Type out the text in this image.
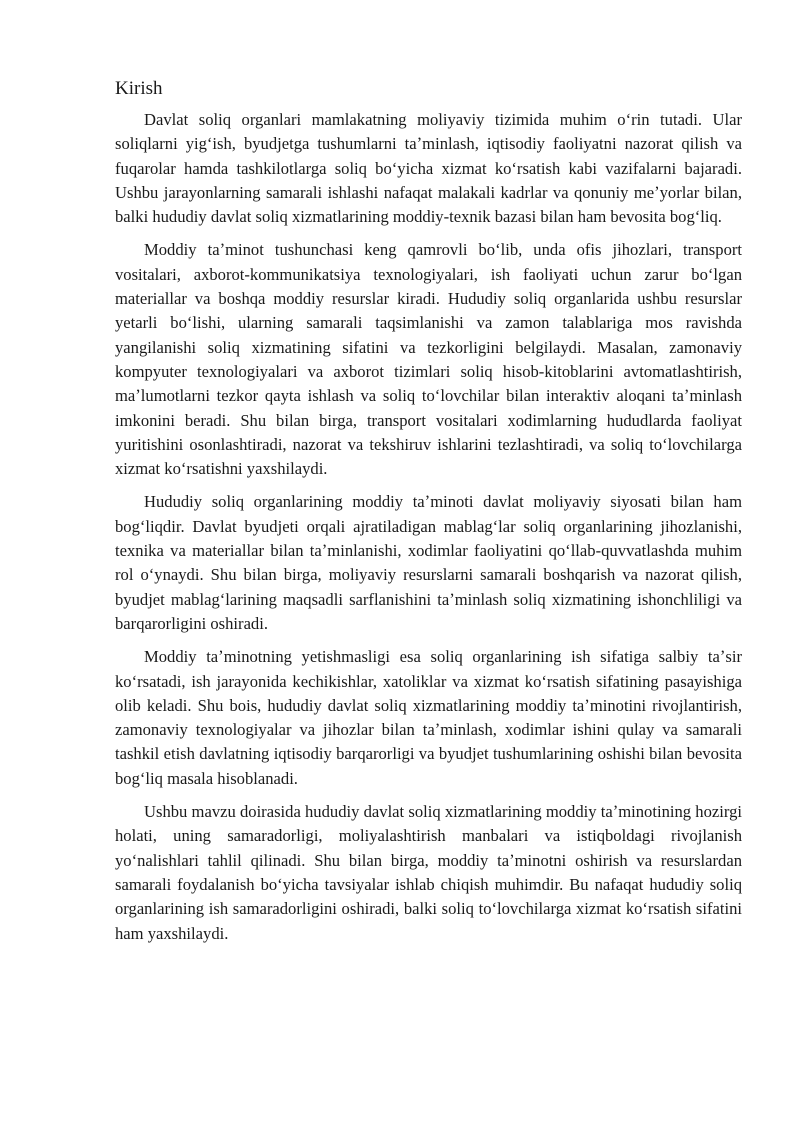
Kirish

Davlat soliq organlari mamlakatning moliyaviy tizimida muhim oʻrin tutadi. Ular soliqlarni yigʻish, byudjetga tushumlarni taʼminlash, iqtisodiy faoliyatni nazorat qilish va fuqarolar hamda tashkilotlarga soliq boʻyicha xizmat koʻrsatish kabi vazifalarni bajaradi. Ushbu jarayonlarning samarali ishlashi nafaqat malakali kadrlar va qonuniy meʼyorlar bilan, balki hududiy davlat soliq xizmatlarining moddiy-texnik bazasi bilan ham bevosita bogʻliq.

Moddiy taʼminot tushunchasi keng qamrovli boʻlib, unda ofis jihozlari, transport vositalari, axborot-kommunikatsiya texnologiyalari, ish faoliyati uchun zarur boʻlgan materiallar va boshqa moddiy resurslar kiradi. Hududiy soliq organlarida ushbu resurslar yetarli boʻlishi, ularning samarali taqsimlanishi va zamon talablariga mos ravishda yangilanishi soliq xizmatining sifatini va tezkorligini belgilaydi. Masalan, zamonaviy kompyuter texnologiyalari va axborot tizimlari soliq hisob-kitoblarini avtomatlashtirish, maʼlumotlarni tezkor qayta ishlash va soliq toʻlovchilar bilan interaktiv aloqani taʼminlash imkonini beradi. Shu bilan birga, transport vositalari xodimlarning hududlarda faoliyat yuritishini osonlashtiradi, nazorat va tekshiruv ishlarini tezlashtiradi, va soliq toʻlovchilarga xizmat koʻrsatishni yaxshilaydi.

Hududiy soliq organlarining moddiy taʼminoti davlat moliyaviy siyosati bilan ham bogʻliqdir. Davlat byudjeti orqali ajratiladigan mablagʻlar soliq organlarining jihozlanishi, texnika va materiallar bilan taʼminlanishi, xodimlar faoliyatini qoʻllab-quvvatlashda muhim rol oʻynaydi. Shu bilan birga, moliyaviy resurslarni samarali boshqarish va nazorat qilish, byudjet mablagʻlarining maqsadli sarflanishini taʼminlash soliq xizmatining ishonchliligi va barqarorligini oshiradi.

Moddiy taʼminotning yetishmasligi esa soliq organlarining ish sifatiga salbiy taʼsir koʻrsatadi, ish jarayonida kechikishlar, xatoliklar va xizmat koʻrsatish sifatining pasayishiga olib keladi. Shu bois, hududiy davlat soliq xizmatlarining moddiy taʼminotini rivojlantirish, zamonaviy texnologiyalar va jihozlar bilan taʼminlash, xodimlar ishini qulay va samarali tashkil etish davlatning iqtisodiy barqarorligi va byudjet tushumlarining oshishi bilan bevosita bogʻliq masala hisoblanadi.

Ushbu mavzu doirasida hududiy davlat soliq xizmatlarining moddiy taʼminotining hozirgi holati, uning samaradorligi, moliyalashtirish manbalari va istiqboldagi rivojlanish yoʻnalishlari tahlil qilinadi. Shu bilan birga, moddiy taʼminotni oshirish va resurslardan samarali foydalanish boʻyicha tavsiyalar ishlab chiqish muhimdir. Bu nafaqat hududiy soliq organlarining ish samaradorligini oshiradi, balki soliq toʻlovchilarga xizmat koʻrsatish sifatini ham yaxshilaydi.
